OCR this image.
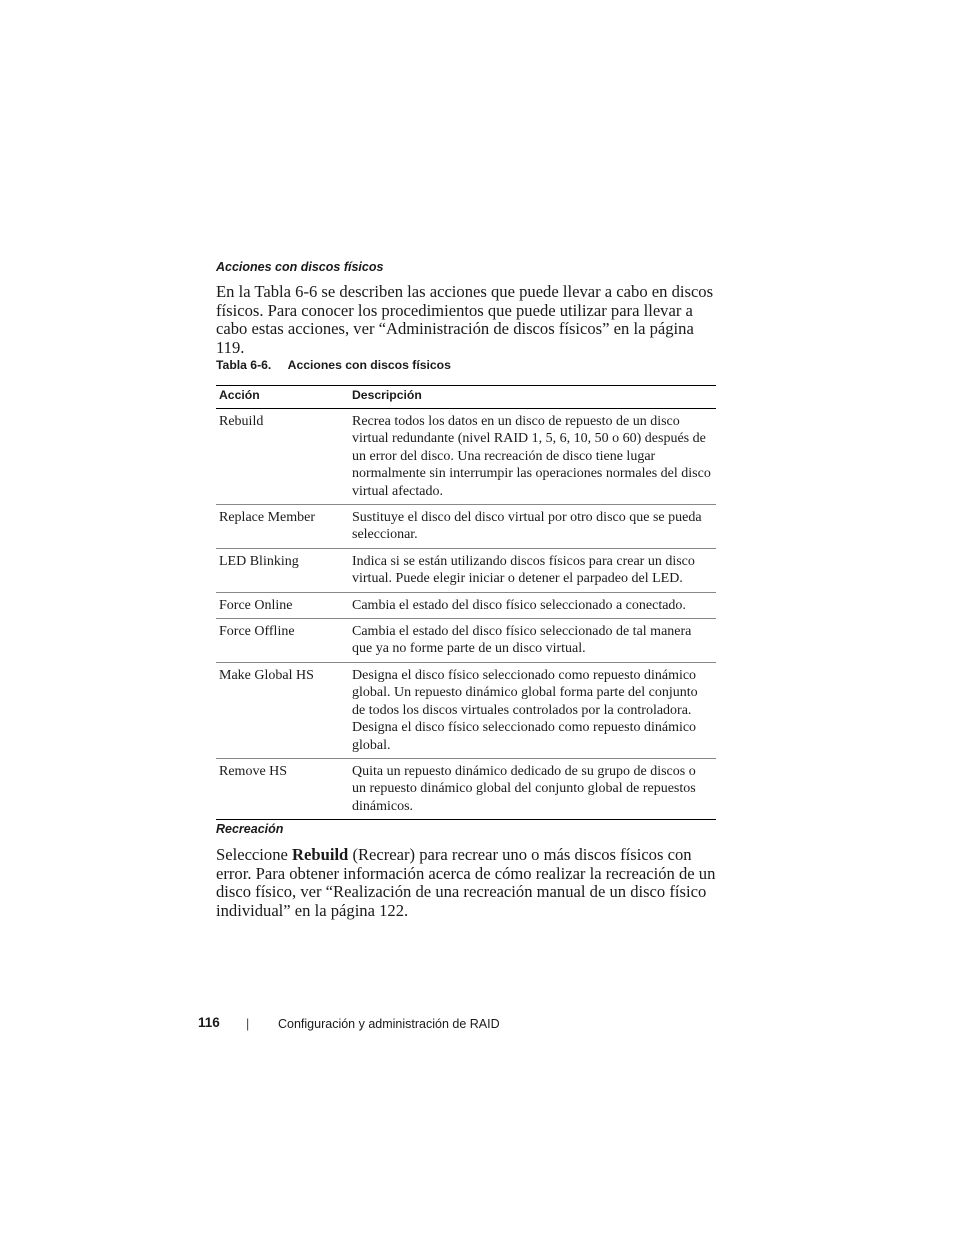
Acciones con discos físicos

En la Tabla 6-6 se describen las acciones que puede llevar a cabo en discos físicos. Para conocer los procedimientos que puede utilizar para llevar a cabo estas acciones, ver “Administración de discos físicos” en la página 119.

Tabla 6-6. Acciones con discos físicos
Acción	Descripción
Rebuild	Recrea todos los datos en un disco de repuesto de un disco virtual redundante (nivel RAID 1, 5, 6, 10, 50 o 60) después de un error del disco. Una recreación de disco tiene lugar normalmente sin interrumpir las operaciones normales del disco virtual afectado.
Replace Member	Sustituye el disco del disco virtual por otro disco que se pueda seleccionar.
LED Blinking	Indica si se están utilizando discos físicos para crear un disco virtual. Puede elegir iniciar o detener el parpadeo del LED.
Force Online	Cambia el estado del disco físico seleccionado a conectado.
Force Offline	Cambia el estado del disco físico seleccionado de tal manera que ya no forme parte de un disco virtual.
Make Global HS	Designa el disco físico seleccionado como repuesto dinámico global. Un repuesto dinámico global forma parte del conjunto de todos los discos virtuales controlados por la controladora. Designa el disco físico seleccionado como repuesto dinámico global.
Remove HS	Quita un repuesto dinámico dedicado de su grupo de discos o un repuesto dinámico global del conjunto global de repuestos dinámicos.
Recreación

Seleccione Rebuild (Recrear) para recrear uno o más discos físicos con error. Para obtener información acerca de cómo realizar la recreación de un disco físico, ver “Realización de una recreación manual de un disco físico individual” en la página 122.

116 | Configuración y administración de RAID
